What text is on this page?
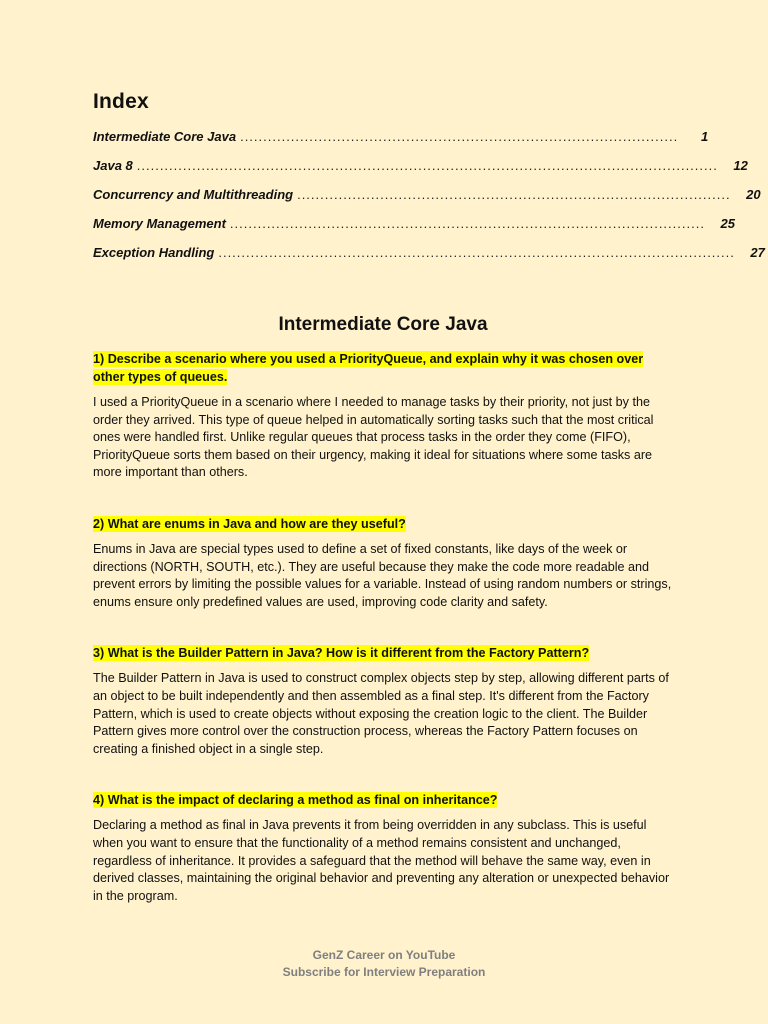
Index
Intermediate Core Java ...............................................................................................	1
Java 8 ..............................................................................................................................	12
Concurrency and Multithreading ..............................................................................................	20
Memory Management .......................................................................................................	25
Exception Handling ................................................................................................................	27
Intermediate Core Java

1) Describe a scenario where you used a PriorityQueue, and explain why it was chosen over other types of queues.

I used a PriorityQueue in a scenario where I needed to manage tasks by their priority, not just by the order they arrived. This type of queue helped in automatically sorting tasks such that the most critical ones were handled first. Unlike regular queues that process tasks in the order they come (FIFO), PriorityQueue sorts them based on their urgency, making it ideal for situations where some tasks are more important than others.

2) What are enums in Java and how are they useful?

Enums in Java are special types used to define a set of fixed constants, like days of the week or directions (NORTH, SOUTH, etc.). They are useful because they make the code more readable and prevent errors by limiting the possible values for a variable. Instead of using random numbers or strings, enums ensure only predefined values are used, improving code clarity and safety.

3) What is the Builder Pattern in Java? How is it different from the Factory Pattern?

The Builder Pattern in Java is used to construct complex objects step by step, allowing different parts of an object to be built independently and then assembled as a final step. It's different from the Factory Pattern, which is used to create objects without exposing the creation logic to the client. The Builder Pattern gives more control over the construction process, whereas the Factory Pattern focuses on creating a finished object in a single step.

4) What is the impact of declaring a method as final on inheritance?

Declaring a method as final in Java prevents it from being overridden in any subclass. This is useful when you want to ensure that the functionality of a method remains consistent and unchanged, regardless of inheritance. It provides a safeguard that the method will behave the same way, even in derived classes, maintaining the original behavior and preventing any alteration or unexpected behavior in the program.

GenZ Career on YouTube
Subscribe for Interview Preparation
